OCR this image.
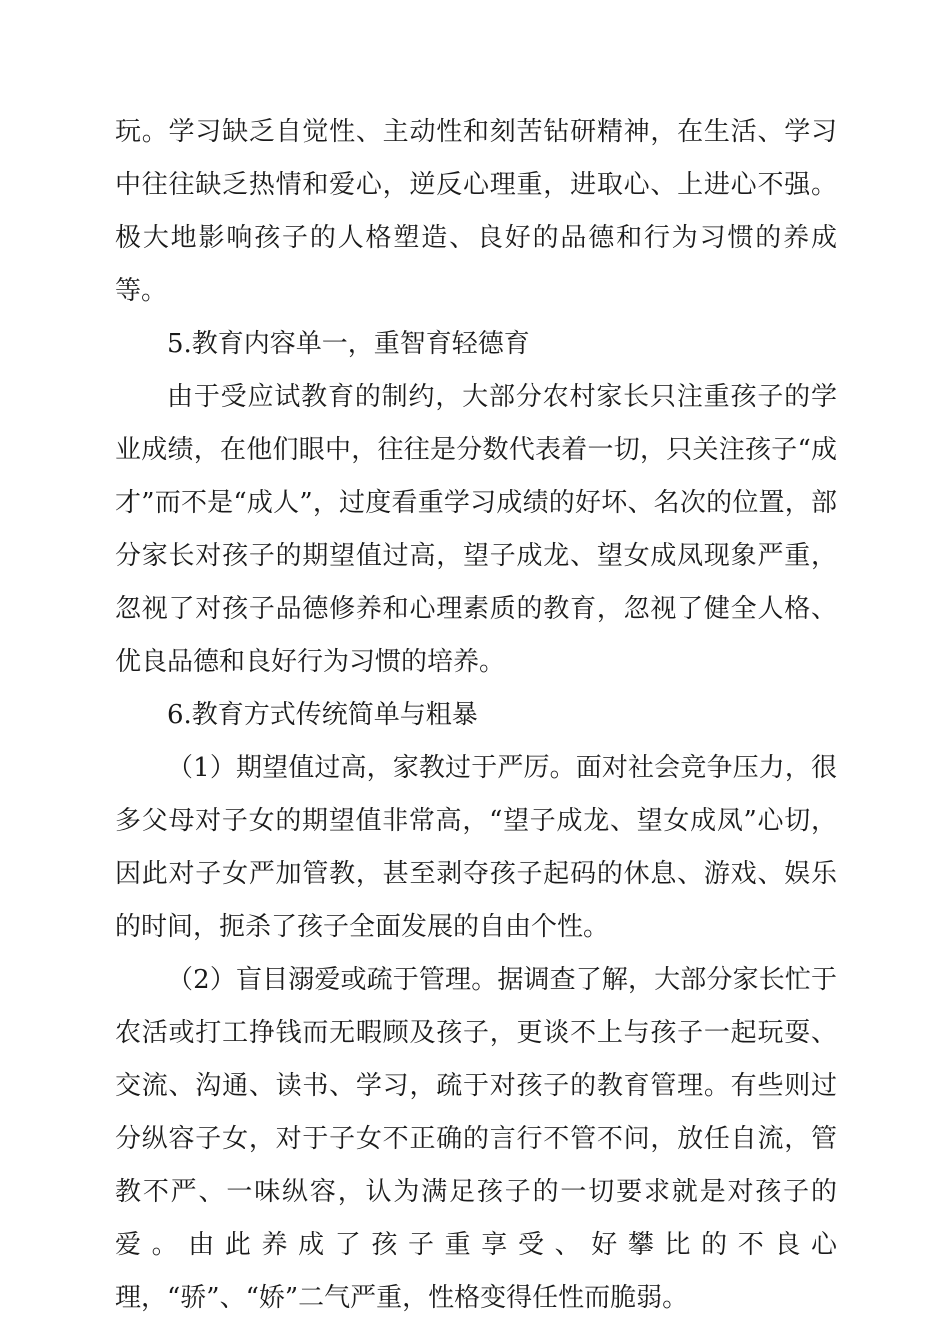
玩。学习缺乏自觉性、主动性和刻苦钻研精神，在生活、学习中往往缺乏热情和爱心，逆反心理重，进取心、上进心不强。极大地影响孩子的人格塑造、良好的品德和行为习惯的养成等。

5.教育内容单一，重智育轻德育

由于受应试教育的制约，大部分农村家长只注重孩子的学业成绩，在他们眼中，往往是分数代表着一切，只关注孩子“成才”而不是“成人”，过度看重学习成绩的好坏、名次的位置，部分家长对孩子的期望值过高，望子成龙、望女成凤现象严重，忽视了对孩子品德修养和心理素质的教育，忽视了健全人格、优良品德和良好行为习惯的培养。

6.教育方式传统简单与粗暴

（1）期望值过高，家教过于严厉。面对社会竞争压力，很多父母对子女的期望值非常高，“望子成龙、望女成凤”心切，因此对子女严加管教，甚至剥夺孩子起码的休息、游戏、娱乐的时间，扼杀了孩子全面发展的自由个性。

（2）盲目溺爱或疏于管理。据调查了解，大部分家长忙于农活或打工挣钱而无暇顾及孩子，更谈不上与孩子一起玩耍、交流、沟通、读书、学习，疏于对孩子的教育管理。有些则过分纵容子女，对于子女不正确的言行不管不问，放任自流，管教不严、一味纵容，认为满足孩子的一切要求就是对孩子的爱。由此养成了孩子重享受、好攀比的不良心理，“骄”、“娇”二气严重，性格变得任性而脆弱。
